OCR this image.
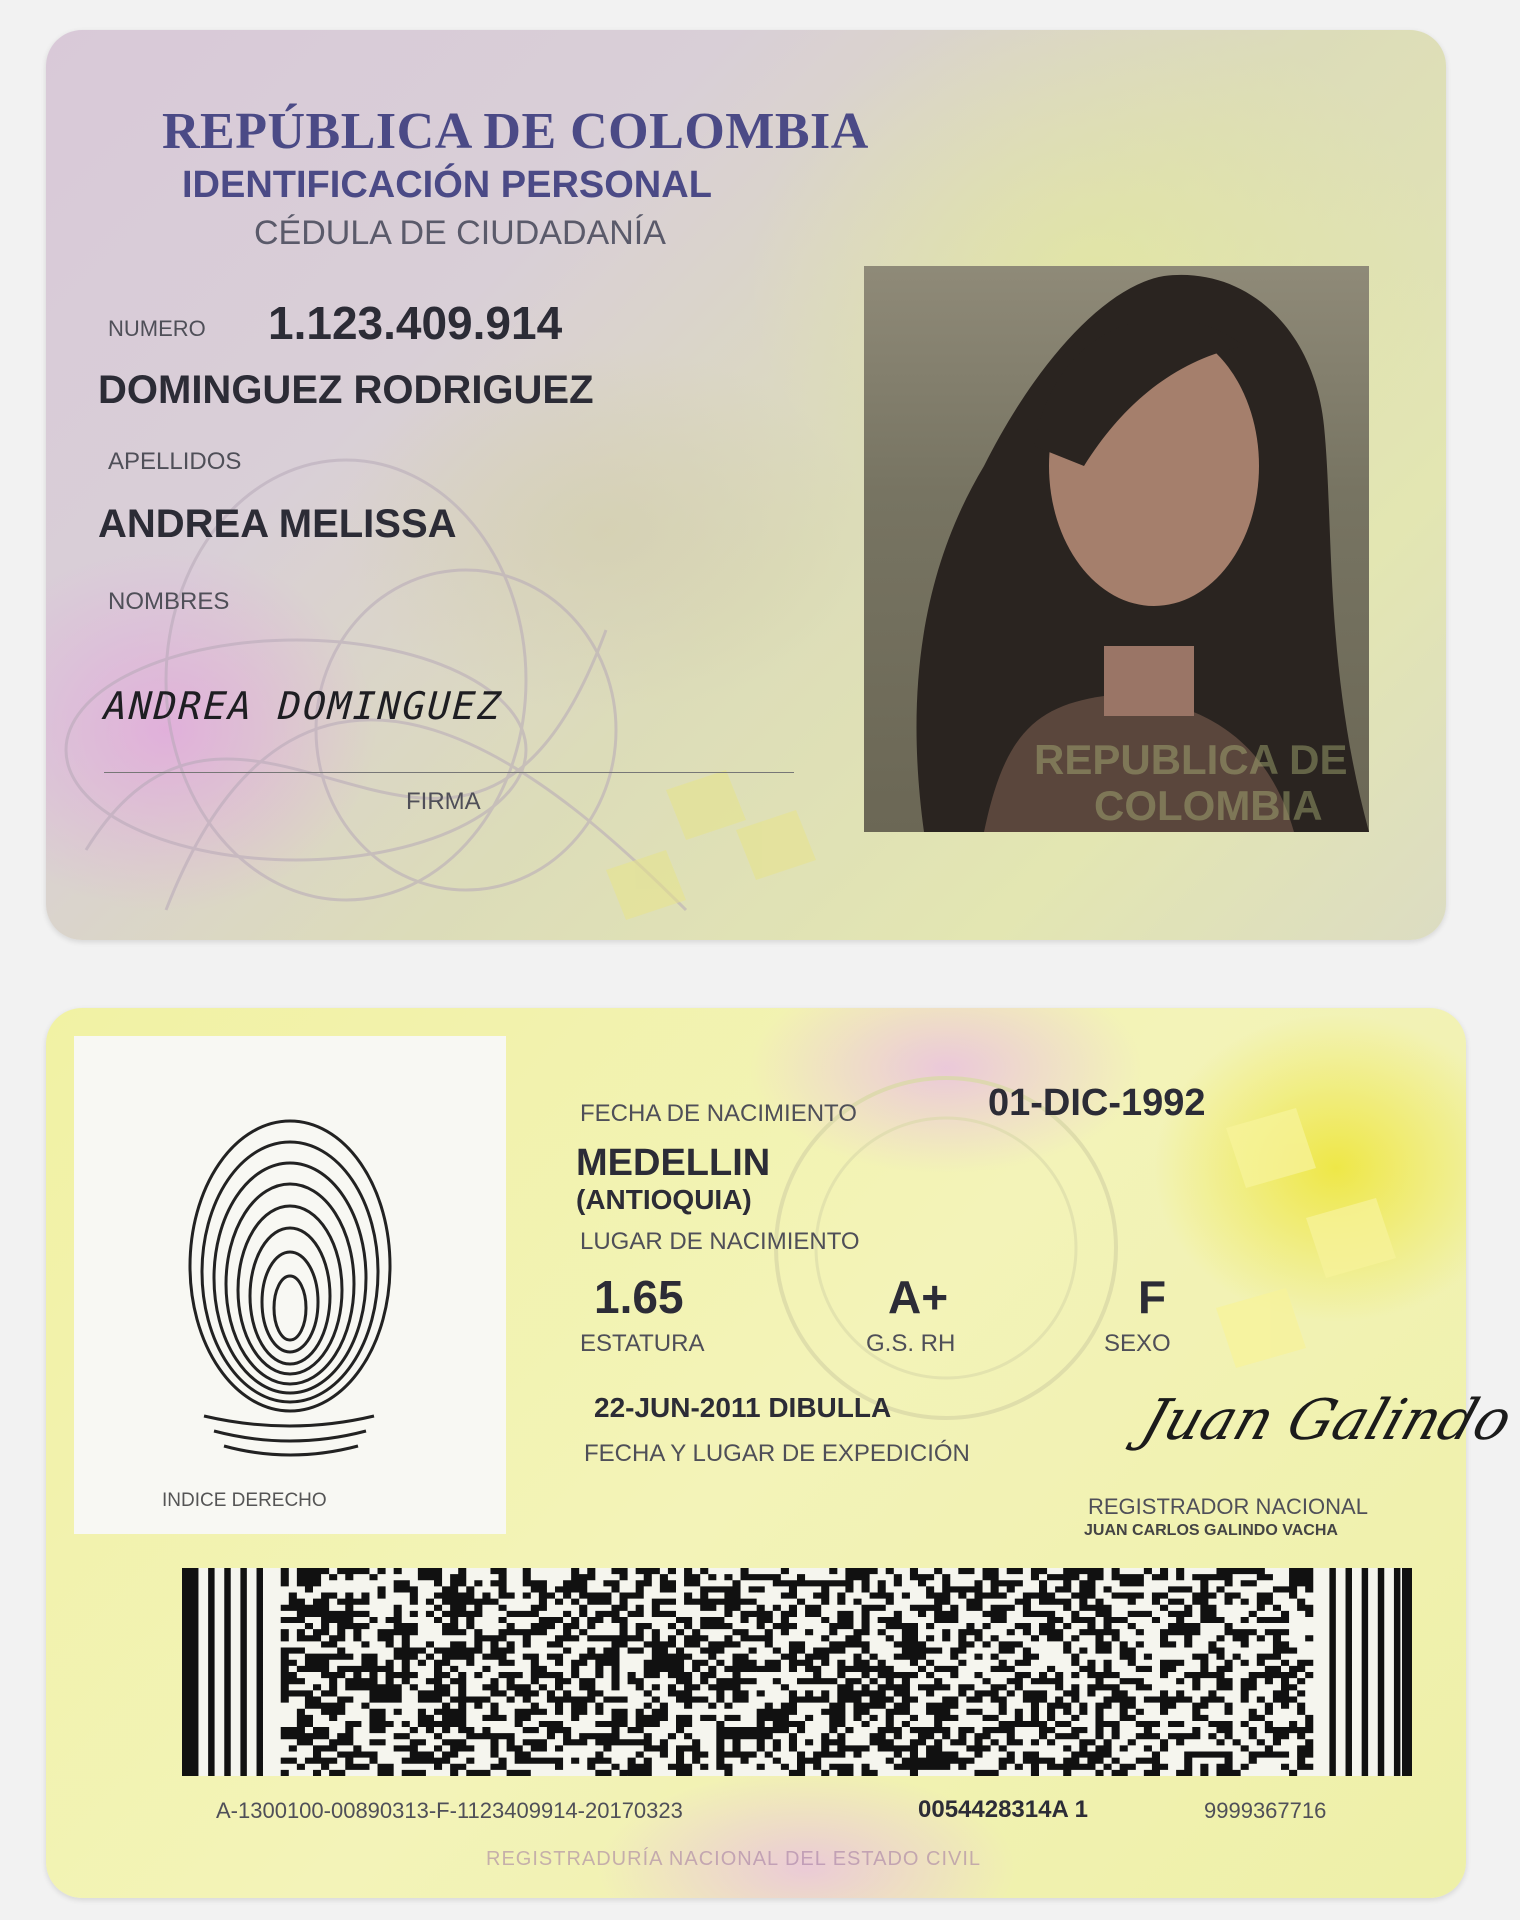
REPÚBLICA DE COLOMBIA
IDENTIFICACIÓN PERSONAL
CÉDULA DE CIUDADANÍA
NUMERO 1.123.409.914
DOMINGUEZ RODRIGUEZ
APELLIDOS
ANDREA MELISSA
NOMBRES
ANDREA DOMINGUEZ
FIRMA
REPUBLICA DE
COLOMBIA
INDICE DERECHO
FECHA DE NACIMIENTO	01-DIC-1992
MEDELLIN
(ANTIOQUIA)
LUGAR DE NACIMIENTO
1.65
ESTATURA
A+
G.S. RH
F
SEXO
22-JUN-2011 DIBULLA
FECHA Y LUGAR DE EXPEDICIÓN
Juan Galindo
REGISTRADOR NACIONAL
JUAN CARLOS GALINDO VACHA
A-1300100-00890313-F-1123409914-20170323	0054428314A 1	9999367716
REGISTRADURÍA NACIONAL DEL ESTADO CIVIL
